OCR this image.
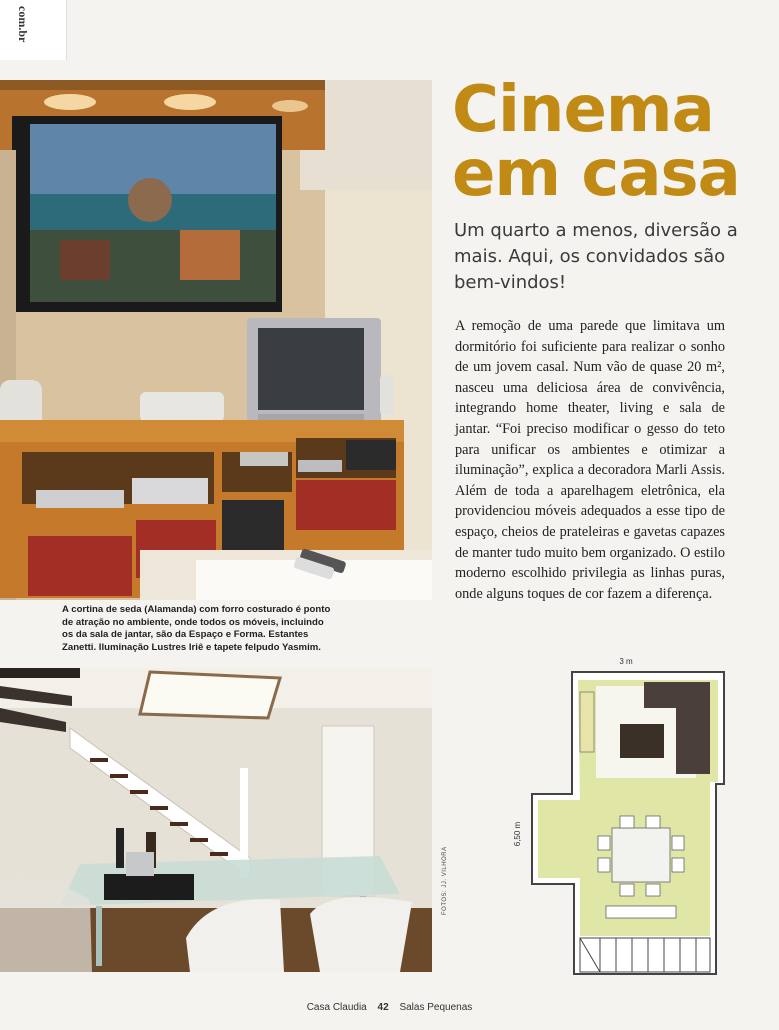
com.br
Cinema
em casa

Um quarto a menos, diversão a mais. Aqui, os convidados são bem-vindos!

A remoção de uma parede que limitava um dormitório foi suficiente para realizar o sonho de um jovem casal. Num vão de quase 20 m², nasceu uma deliciosa área de convivência, integrando home theater, living e sala de jantar. “Foi preciso modificar o gesso do teto para unificar os ambientes e otimizar a iluminação”, explica a decoradora Marli Assis. Além de toda a aparelhagem eletrônica, ela providenciou móveis adequados a esse tipo de espaço, cheios de prateleiras e gavetas capazes de manter tudo muito bem organizado. O estilo moderno escolhido privilegia as linhas puras, onde alguns toques de cor fazem a diferença.

A cortina de seda (Alamanda) com forro costurado é ponto de atração no ambiente, onde todos os móveis, incluindo os da sala de jantar, são da Espaço e Forma. Estantes Zanetti. Iluminação Lustres Iriê e tapete felpudo Yasmim.

FOTOS: JJ. VILHORA
3 m
6,50 m
Casa Claudia 42 Salas Pequenas
